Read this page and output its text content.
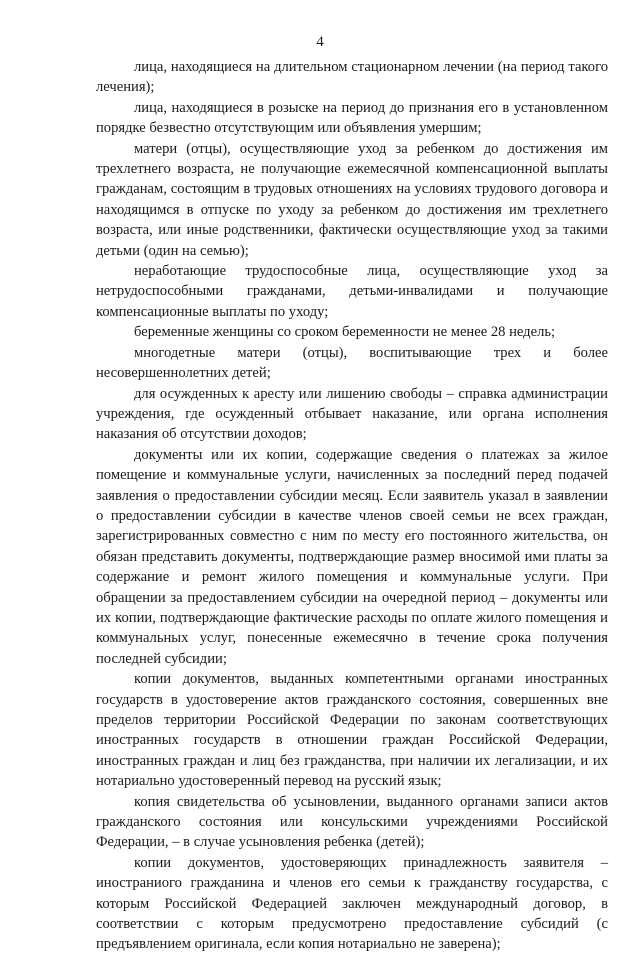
4

лица, находящиеся на длительном стационарном лечении (на период такого лечения);

лица, находящиеся в розыске на период до признания его в установленном порядке безвестно отсутствующим или объявления умершим;

матери (отцы), осуществляющие уход за ребенком до достижения им трехлетнего возраста, не получающие ежемесячной компенсационной выплаты гражданам, состоящим в трудовых отношениях на условиях трудового договора и находящимся в отпуске по уходу за ребенком до достижения им трехлетнего возраста, или иные родственники, фактически осуществляющие уход за такими детьми (один на семью);

неработающие трудоспособные лица, осуществляющие уход за нетрудоспособными гражданами, детьми-инвалидами и получающие компенсационные выплаты по уходу;

беременные женщины со сроком беременности не менее 28 недель;

многодетные матери (отцы), воспитывающие трех и более несовершеннолетних детей;

для осужденных к аресту или лишению свободы – справка администрации учреждения, где осужденный отбывает наказание, или органа исполнения наказания об отсутствии доходов;

документы или их копии, содержащие сведения о платежах за жилое помещение и коммунальные услуги, начисленных за последний перед подачей заявления о предоставлении субсидии месяц. Если заявитель указал в заявлении о предоставлении субсидии в качестве членов своей семьи не всех граждан, зарегистрированных совместно с ним по месту его постоянного жительства, он обязан представить документы, подтверждающие размер вносимой ими платы за содержание и ремонт жилого помещения и коммунальные услуги. При обращении за предоставлением субсидии на очередной период – документы или их копии, подтверждающие фактические расходы по оплате жилого помещения и коммунальных услуг, понесенные ежемесячно в течение срока получения последней субсидии;

копии документов, выданных компетентными органами иностранных государств в удостоверение актов гражданского состояния, совершенных вне пределов территории Российской Федерации по законам соответствующих иностранных государств в отношении граждан Российской Федерации, иностранных граждан и лиц без гражданства, при наличии их легализации, и их нотариально удостоверенный перевод на русский язык;

копия свидетельства об усыновлении, выданного органами записи актов гражданского состояния или консульскими учреждениями Российской Федерации, – в случае усыновления ребенка (детей);

копии документов, удостоверяющих принадлежность заявителя – иностраниого гражданина и членов его семьи к гражданству государства, с которым Российской Федерацией заключен международный договор, в соответствии с которым предусмотрено предоставление субсидий (с предъявлением оригинала, если копия нотариально не заверена);
